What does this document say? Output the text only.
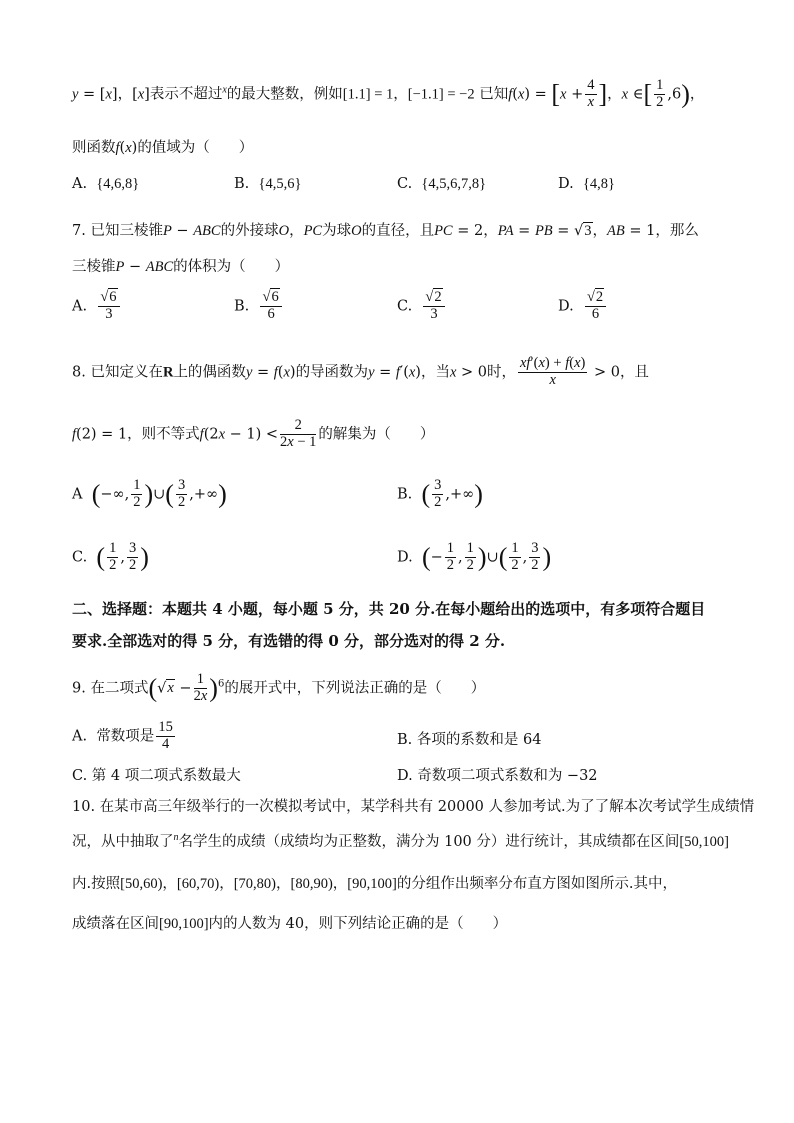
y = [x]，[x]表示不超过$^x$的最大整数，例如[1.1] = 1，[−1.1] = −2 已知$f(x) = [x + \frac{4}{x}$ ]，x ∈[ $\frac{1}{2} ,6$)，
则函数f(x)的值域为（　　）
A. {4,6,8}	B. {4,5,6}	C. {4,5,6,7,8}	D. {4,8}
7. 已知三棱锥P − ABC的外接球O，PC为球O的直径，且PC = 2，PA = PB = √3，AB = 1，那么
三棱锥P − ABC的体积为（　　）
A. $\frac{√6}{3}$	B. $\frac{√6}{6}$	C. $\frac{√2}{3}$	D. $\frac{√2}{6}$
8. 已知定义在R上的偶函数y = f(x)的导函数为y = f′(x)，当x > 0时， $\frac{xf'(x) + f(x)}{x} > 0$，且
f(2) = 1，则不等式$f(2x - 1) < \frac{2}{2x - 1}$ 的解集为（　　）
A (−∞, $\frac{1}{2}$ )∪( $\frac{3}{2}$ ,+∞)	B. ( $\frac{3}{2}$ ,+∞)
C. ( $\frac{1}{2}$ , $\frac{3}{2}$ )	D. (− $\frac{1}{2}$ , $\frac{1}{2}$ )∪( $\frac{1}{2}$ , $\frac{3}{2}$ )
二、选择题：本题共 4 小题，每小题 5 分，共 20 分.在每小题给出的选项中，有多项符合题目
要求.全部选对的得 5 分，有选错的得 0 分，部分选对的得 2 分.
9. 在二项式$(√x - \frac{1}{2x} )^6$的展开式中，下列说法正确的是（　　）
A. 常数项是 $\frac{15}{4}$	B. 各项的系数和是 64
C. 第 4 项二项式系数最大	D. 奇数项二项式系数和为 −32
10. 在某市高三年级举行的一次模拟考试中，某学科共有 20000 人参加考试.为了了解本次考试学生成绩情
况，从中抽取了$^n$名学生的成绩（成绩均为正整数，满分为 100 分）进行统计，其成绩都在区间[50,100]
内.按照[50,60)，[60,70)，[70,80)，[80,90)，[90,100]的分组作出频率分布直方图如图所示.其中，
成绩落在区间[90,100]内的人数为 40，则下列结论正确的是（　　）
